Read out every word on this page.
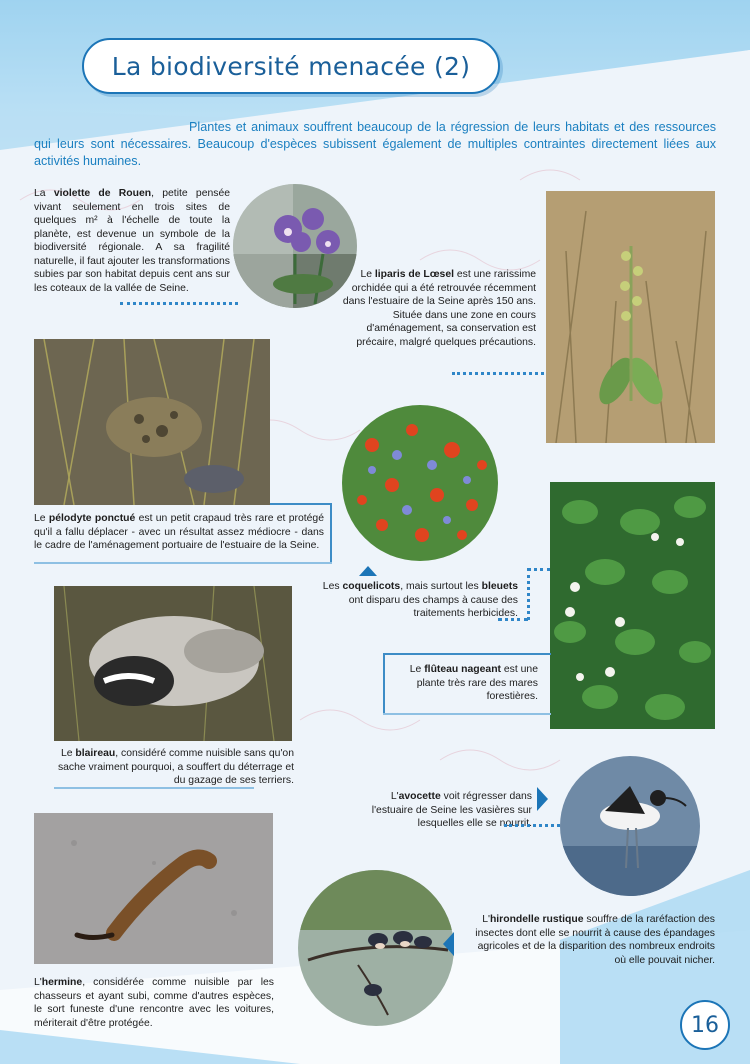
La biodiversité menacée (2)
Plantes et animaux souffrent beaucoup de la régression de leurs habitats et des ressources qui leurs sont nécessaires. Beaucoup d'espèces subissent également de multiples contraintes directement liées aux activités humaines.
La violette de Rouen, petite pensée vivant seulement en trois sites de quelques m² à l'échelle de toute la planète, est devenue un symbole de la biodiversité régionale. A sa fragilité naturelle, il faut ajouter les transformations subies par son habitat depuis cent ans sur les coteaux de la vallée de Seine.
Le liparis de Lœsel est une rarissime orchidée qui a été retrouvée récemment dans l'estuaire de la Seine après 150 ans. Située dans une zone en cours d'aménagement, sa conservation est précaire, malgré quelques précautions.
Le pélodyte ponctué est un petit crapaud très rare et protégé qu'il a fallu déplacer - avec un résultat assez médiocre - dans le cadre de l'aménagement portuaire de l'estuaire de la Seine.
Les coquelicots, mais surtout les bleuets ont disparu des champs à cause des traitements herbicides.
Le flûteau nageant est une plante très rare des mares forestières.
Le blaireau, considéré comme nuisible sans qu'on sache vraiment pourquoi, a souffert du déterrage et du gazage de ses terriers.
L'avocette voit régresser dans l'estuaire de Seine les vasières sur lesquelles elle se nourrit.
L'hermine, considérée comme nuisible par les chasseurs et ayant subi, comme d'autres espèces, le sort funeste d'une rencontre avec les voitures, mériterait d'être protégée.
L'hirondelle rustique souffre de la raréfaction des insectes dont elle se nourrit à cause des épandages agricoles et de la disparition des nombreux endroits où elle pouvait nicher.
16
